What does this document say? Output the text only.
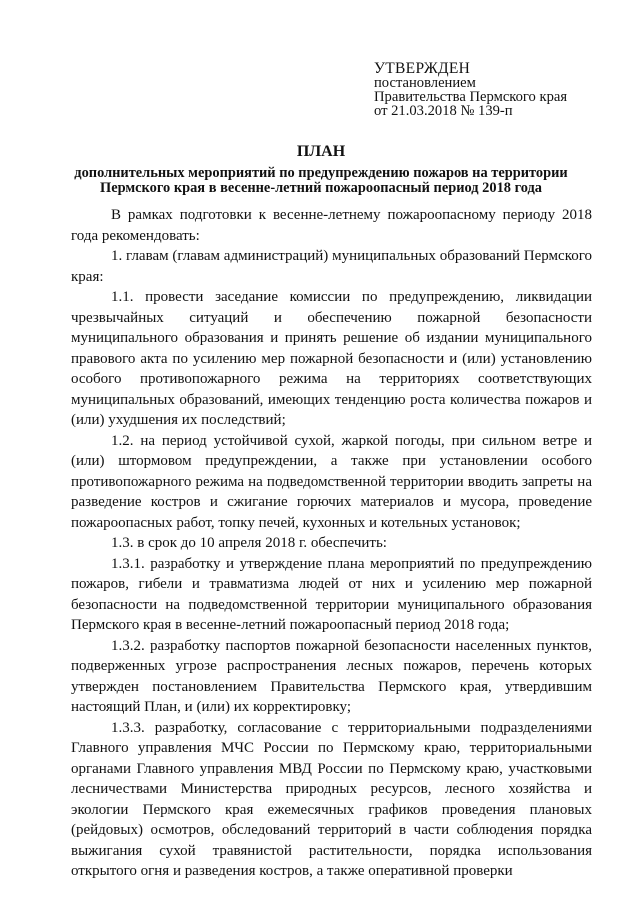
УТВЕРЖДЕН
постановлением
Правительства Пермского края
от 21.03.2018 № 139-п
ПЛАН
дополнительных мероприятий по предупреждению пожаров на территории
Пермского края в весенне-летний пожароопасный период 2018 года

В рамках подготовки к весенне-летнему пожароопасному периоду 2018 года рекомендовать:

1. главам (главам администраций) муниципальных образований Пермского края:

1.1. провести заседание комиссии по предупреждению, ликвидации чрезвычайных ситуаций и обеспечению пожарной безопасности муниципального образования и принять решение об издании муниципального правового акта по усилению мер пожарной безопасности и (или) установлению особого противопожарного режима на территориях соответствующих муниципальных образований, имеющих тенденцию роста количества пожаров и (или) ухудшения их последствий;

1.2. на период устойчивой сухой, жаркой погоды, при сильном ветре и (или) штормовом предупреждении, а также при установлении особого противопожарного режима на подведомственной территории вводить запреты на разведение костров и сжигание горючих материалов и мусора, проведение пожароопасных работ, топку печей, кухонных и котельных установок;

1.3. в срок до 10 апреля 2018 г. обеспечить:

1.3.1. разработку и утверждение плана мероприятий по предупреждению пожаров, гибели и травматизма людей от них и усилению мер пожарной безопасности на подведомственной территории муниципального образования Пермского края в весенне-летний пожароопасный период 2018 года;

1.3.2. разработку паспортов пожарной безопасности населенных пунктов, подверженных угрозе распространения лесных пожаров, перечень которых утвержден постановлением Правительства Пермского края, утвердившим настоящий План, и (или) их корректировку;

1.3.3. разработку, согласование с территориальными подразделениями Главного управления МЧС России по Пермскому краю, территориальными органами Главного управления МВД России по Пермскому краю, участковыми лесничествами Министерства природных ресурсов, лесного хозяйства и экологии Пермского края ежемесячных графиков проведения плановых (рейдовых) осмотров, обследований территорий в части соблюдения порядка выжигания сухой травянистой растительности, порядка использования открытого огня и разведения костров, а также оперативной проверки
